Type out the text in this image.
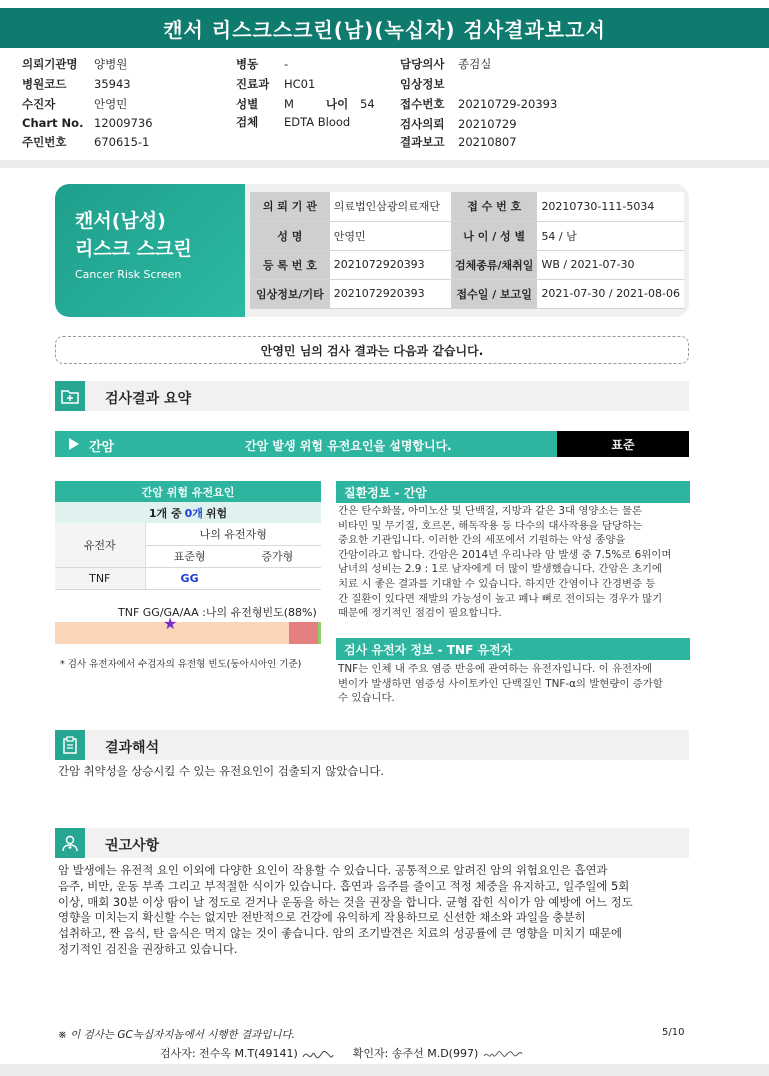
캔서 리스크스크린(남)(녹십자) 검사결과보고서
의뢰기관명 양병원
병원코드 35943
수진자	안영민
Chart No. 12009736
주민번호 670615-1
병동 -
진료과 HC01
성별 M	나이 54
검체 EDTA Blood
담당의사 종검실
임상정보
접수번호 20210729-20393
검사의뢰 20210729
결과보고 20210807
캔서(남성)
리스크 스크린
Cancer Risk Screen
의 뢰 기 관	의료법인삼광의료재단	접 수 번 호	20210730-111-5034
성 명	안영민	나 이 / 성 별	54 / 남
등 록 번 호	2021072920393	검체종류/채취일	WB / 2021-07-30
임상정보/기타	2021072920393	접수일 / 보고일	2021-07-30 / 2021-08-06
안영민 님의 검사 결과는 다음과 같습니다.
검사결과 요약
간암	간암 발생 위험 유전요인을 설명합니다.	표준
간암 위험 유전요인
1개 중 0개 위험
유전자	나의 유전자형	
	표준형	증가형
TNF	GG	
TNF GG/GA/AA :나의 유전형빈도(88%)
★
* 검사 유전자에서 수검자의 유전형 빈도(동아시아인 기준)
질환정보 - 간암
간은 탄수화물, 아미노산 및 단백질, 지방과 같은 3대 영양소는 물론
비타민 및 무기질, 호르몬, 해독작용 등 다수의 대사작용을 담당하는
중요한 기관입니다. 이러한 간의 세포에서 기원하는 악성 종양을
간암이라고 합니다. 간암은 2014년 우리나라 암 발생 중 7.5%로 6위이며
남녀의 성비는 2.9 : 1로 남자에게 더 많이 발생했습니다. 간암은 초기에
치료 시 좋은 결과를 기대할 수 있습니다. 하지만 간염이나 간경변증 등
간 질환이 있다면 재발의 가능성이 높고 폐나 뼈로 전이되는 경우가 많기
때문에 정기적인 점검이 필요합니다.
검사 유전자 정보 - TNF 유전자
TNF는 인체 내 주요 염증 반응에 관여하는 유전자입니다. 이 유전자에
변이가 발생하면 염증성 사이토카인 단백질인 TNF-α의 발현량이 증가할
수 있습니다.
결과해석
간암 취약성을 상승시킬 수 있는 유전요인이 검출되지 않았습니다.
권고사항
암 발생에는 유전적 요인 이외에 다양한 요인이 작용할 수 있습니다. 공통적으로 알려진 암의 위험요인은 흡연과
음주, 비만, 운동 부족 그리고 부적절한 식이가 있습니다. 흡연과 음주를 줄이고 적정 체중을 유지하고, 일주일에 5회
이상, 매회 30분 이상 땀이 날 정도로 걷거나 운동을 하는 것을 권장을 합니다. 균형 잡힌 식이가 암 예방에 어느 정도
영향을 미치는지 확신할 수는 없지만 전반적으로 건강에 유익하게 작용하므로 신선한 채소와 과일을 충분히
섭취하고, 짠 음식, 탄 음식은 먹지 않는 것이 좋습니다. 암의 조기발견은 치료의 성공률에 큰 영향을 미치기 때문에
정기적인 검진을 권장하고 있습니다.
※ 이 검사는 GC녹십자지놈에서 시행한 결과입니다.	5/10
검사자: 전수옥 M.T(49141)	확인자: 송주선 M.D(997)
